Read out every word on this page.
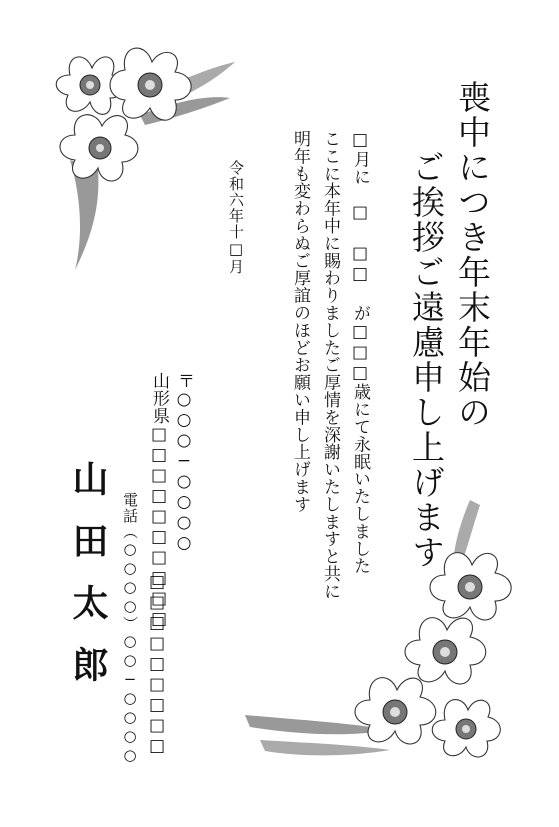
喪中につき年末年始の
ご挨拶ご遠慮申し上げます
□月に　□ □□ が□□□歳にて永眠いたしました
ここに本年中に賜わりましたご厚情を深謝いたしますと共に
明年も変わらぬご厚誼のほどお願い申し上げます
令和六年十□月
〒○○○−○○○○
山形県□□□□□□□□□□
□□□□□□□□□
電話（○○○○）○○−○○○○
山田太郎
